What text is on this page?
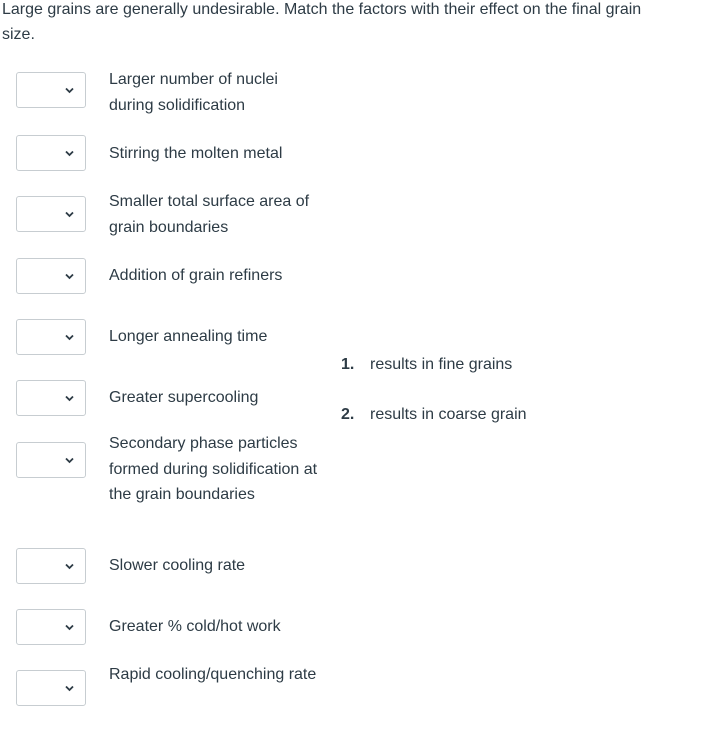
Large grains are generally undesirable. Match the factors with their effect on the final grain size.
Larger number of nuclei during solidification
Stirring the molten metal
Smaller total surface area of grain boundaries
Addition of grain refiners
Longer annealing time
Greater supercooling
Secondary phase particles formed during solidification at the grain boundaries
Slower cooling rate
Greater % cold/hot work
Rapid cooling/quenching rate
1. results in fine grains
2. results in coarse grain
